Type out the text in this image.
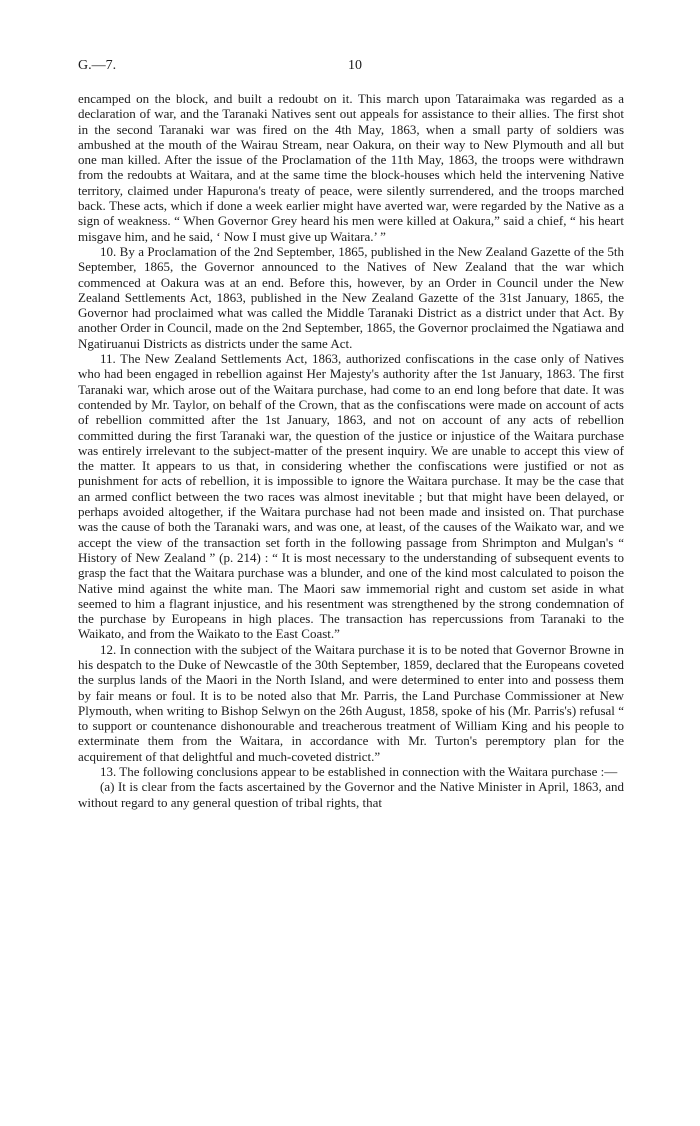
G.—7.	10

encamped on the block, and built a redoubt on it. This march upon Tataraimaka was regarded as a declaration of war, and the Taranaki Natives sent out appeals for assistance to their allies. The first shot in the second Taranaki war was fired on the 4th May, 1863, when a small party of soldiers was ambushed at the mouth of the Wairau Stream, near Oakura, on their way to New Plymouth and all but one man killed. After the issue of the Proclamation of the 11th May, 1863, the troops were withdrawn from the redoubts at Waitara, and at the same time the block-houses which held the intervening Native territory, claimed under Hapurona's treaty of peace, were silently surrendered, and the troops marched back. These acts, which if done a week earlier might have averted war, were regarded by the Native as a sign of weakness. “ When Governor Grey heard his men were killed at Oakura,” said a chief, “ his heart misgave him, and he said, ‘ Now I must give up Waitara.’ ”

10. By a Proclamation of the 2nd September, 1865, published in the New Zealand Gazette of the 5th September, 1865, the Governor announced to the Natives of New Zealand that the war which commenced at Oakura was at an end. Before this, however, by an Order in Council under the New Zealand Settlements Act, 1863, published in the New Zealand Gazette of the 31st January, 1865, the Governor had proclaimed what was called the Middle Taranaki District as a district under that Act. By another Order in Council, made on the 2nd September, 1865, the Governor proclaimed the Ngatiawa and Ngatiruanui Districts as districts under the same Act.

11. The New Zealand Settlements Act, 1863, authorized confiscations in the case only of Natives who had been engaged in rebellion against Her Majesty's authority after the 1st January, 1863. The first Taranaki war, which arose out of the Waitara purchase, had come to an end long before that date. It was contended by Mr. Taylor, on behalf of the Crown, that as the confiscations were made on account of acts of rebellion committed after the 1st January, 1863, and not on account of any acts of rebellion committed during the first Taranaki war, the question of the justice or injustice of the Waitara purchase was entirely irrelevant to the subject-matter of the present inquiry. We are unable to accept this view of the matter. It appears to us that, in considering whether the confiscations were justified or not as punishment for acts of rebellion, it is impossible to ignore the Waitara purchase. It may be the case that an armed conflict between the two races was almost inevitable ; but that might have been delayed, or perhaps avoided altogether, if the Waitara purchase had not been made and insisted on. That purchase was the cause of both the Taranaki wars, and was one, at least, of the causes of the Waikato war, and we accept the view of the transaction set forth in the following passage from Shrimpton and Mulgan's “ History of New Zealand ” (p. 214) : “ It is most necessary to the understanding of subsequent events to grasp the fact that the Waitara purchase was a blunder, and one of the kind most calculated to poison the Native mind against the white man. The Maori saw immemorial right and custom set aside in what seemed to him a flagrant injustice, and his resentment was strengthened by the strong condemnation of the purchase by Europeans in high places. The transaction has repercussions from Taranaki to the Waikato, and from the Waikato to the East Coast.”

12. In connection with the subject of the Waitara purchase it is to be noted that Governor Browne in his despatch to the Duke of Newcastle of the 30th September, 1859, declared that the Europeans coveted the surplus lands of the Maori in the North Island, and were determined to enter into and possess them by fair means or foul. It is to be noted also that Mr. Parris, the Land Purchase Commissioner at New Plymouth, when writing to Bishop Selwyn on the 26th August, 1858, spoke of his (Mr. Parris's) refusal “ to support or countenance dishonourable and treacherous treatment of William King and his people to exterminate them from the Waitara, in accordance with Mr. Turton's peremptory plan for the acquirement of that delightful and much-coveted district.”

13. The following conclusions appear to be established in connection with the Waitara purchase :—

(a) It is clear from the facts ascertained by the Governor and the Native Minister in April, 1863, and without regard to any general question of tribal rights, that
